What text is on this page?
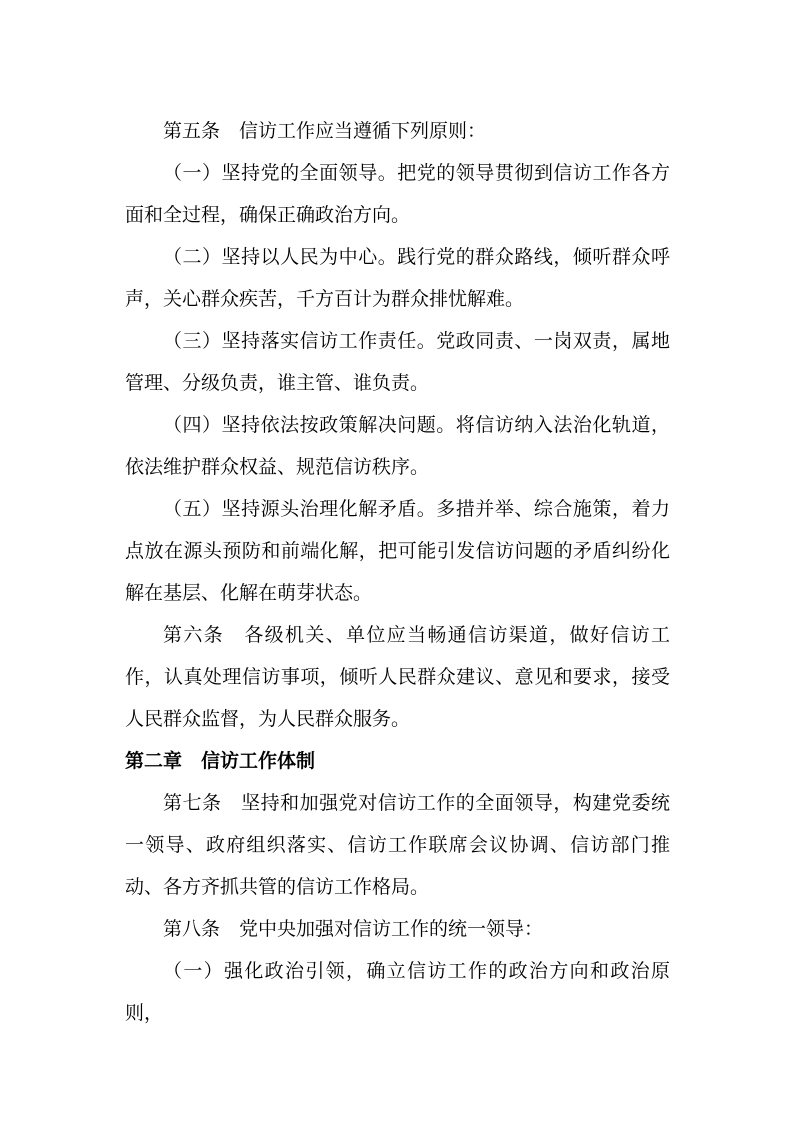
第五条　信访工作应当遵循下列原则：

（一）坚持党的全面领导。把党的领导贯彻到信访工作各方面和全过程，确保正确政治方向。

（二）坚持以人民为中心。践行党的群众路线，倾听群众呼声，关心群众疾苦，千方百计为群众排忧解难。

（三）坚持落实信访工作责任。党政同责、一岗双责，属地管理、分级负责，谁主管、谁负责。

（四）坚持依法按政策解决问题。将信访纳入法治化轨道，依法维护群众权益、规范信访秩序。

（五）坚持源头治理化解矛盾。多措并举、综合施策，着力点放在源头预防和前端化解，把可能引发信访问题的矛盾纠纷化解在基层、化解在萌芽状态。

第六条　各级机关、单位应当畅通信访渠道，做好信访工作，认真处理信访事项，倾听人民群众建议、意见和要求，接受人民群众监督，为人民群众服务。

第二章　信访工作体制

第七条　坚持和加强党对信访工作的全面领导，构建党委统一领导、政府组织落实、信访工作联席会议协调、信访部门推动、各方齐抓共管的信访工作格局。

第八条　党中央加强对信访工作的统一领导：

（一）强化政治引领，确立信访工作的政治方向和政治原则，
